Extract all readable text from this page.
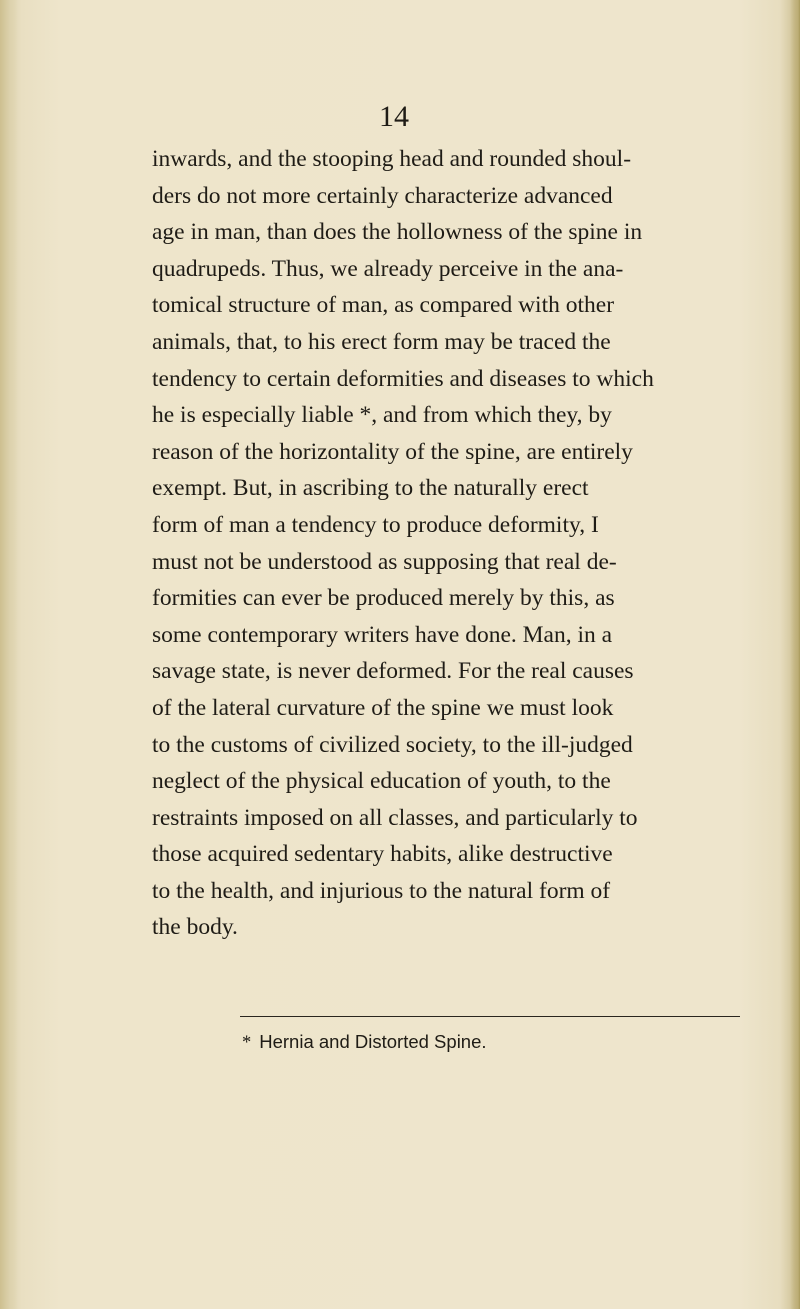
14
inwards, and the stooping head and rounded shoul-
ders do not more certainly characterize advanced
age in man, than does the hollowness of the spine in
quadrupeds. Thus, we already perceive in the ana-
tomical structure of man, as compared with other
animals, that, to his erect form may be traced the
tendency to certain deformities and diseases to which
he is especially liable *, and from which they, by
reason of the horizontality of the spine, are entirely
exempt. But, in ascribing to the naturally erect
form of man a tendency to produce deformity, I
must not be understood as supposing that real de-
formities can ever be produced merely by this, as
some contemporary writers have done. Man, in a
savage state, is never deformed. For the real causes
of the lateral curvature of the spine we must look
to the customs of civilized society, to the ill-judged
neglect of the physical education of youth, to the
restraints imposed on all classes, and particularly to
those acquired sedentary habits, alike destructive
to the health, and injurious to the natural form of
the body.

* Hernia and Distorted Spine.
